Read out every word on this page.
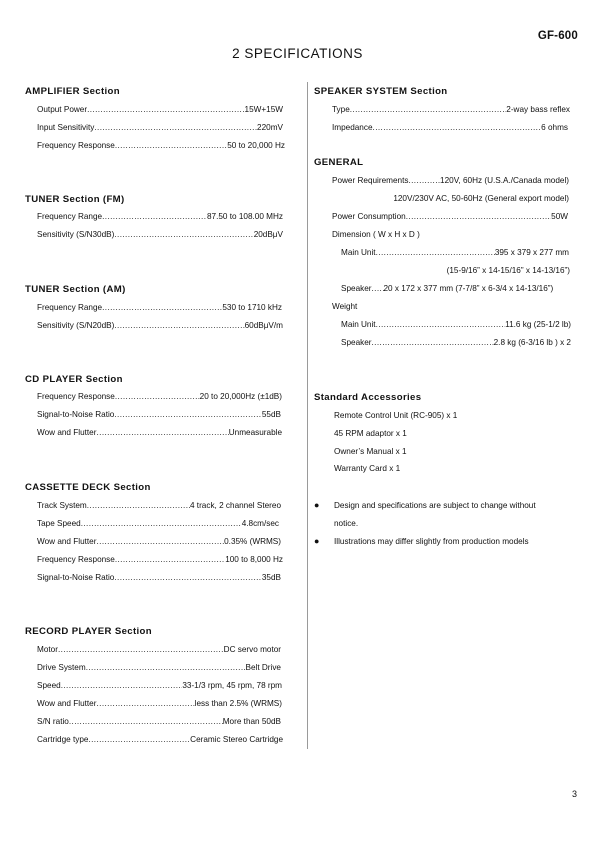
GF-600
2 SPECIFICATIONS
AMPLIFIER Section
Output Power .....	15W+15W
Input Sensitivity .....	220mV
Frequency Response .....	50 to 20,000 Hz
TUNER Section (FM)
Frequency Range .....	87.50 to 108.00 MHz
Sensitivity (S/N30dB) .....	20dBμV
TUNER Section (AM)
Frequency Range .....	530 to 1710 kHz
Sensitivity (S/N20dB) .....	60dBμV/m
CD PLAYER Section
Frequency Response .....	20 to 20,000Hz (±1dB)
Signal-to-Noise Ratio .....	55dB
Wow and Flutter .....	Unmeasurable
CASSETTE DECK Section
Track System .....	4 track, 2 channel Stereo
Tape Speed .....	4.8cm/sec
Wow and Flutter .....	0.35% (WRMS)
Frequency Response .....	100 to 8,000 Hz
Signal-to-Noise Ratio .....	35dB
RECORD PLAYER Section
Motor .....	DC servo motor
Drive System .....	Belt Drive
Speed .....	33-1/3 rpm, 45 rpm, 78 rpm
Wow and Flutter .....	less than 2.5% (WRMS)
S/N ratio .....	More than 50dB
Cartridge type .....	Ceramic Stereo Cartridge
SPEAKER SYSTEM Section
Type .....	2-way bass reflex
Impedance .....	6 ohms
GENERAL
Power Requirements .....	120V, 60Hz (U.S.A./Canada model)
120V/230V AC, 50-60Hz (General export model)
Power Consumption .....	50W
Dimension ( W x H x D )
Main Unit .....	395 x 379 x 277 mm
(15-9/16” x 14-15/16” x 14-13/16”)
Speaker ..... 20 x 172 x 377 mm (7-7/8” x 6-3/4 x 14-13/16”)
Weight
Main Unit .....	11.6 kg (25-1/2 lb)
Speaker .....	2.8 kg (6-3/16 lb ) x 2
Standard Accessories
Remote Control Unit (RC-905) x 1
45 RPM adaptor x 1
Owner’s Manual x 1
Warranty Card x 1
● Design and specifications are subject to change without
notice.
● Illustrations may differ slightly from production models
3
